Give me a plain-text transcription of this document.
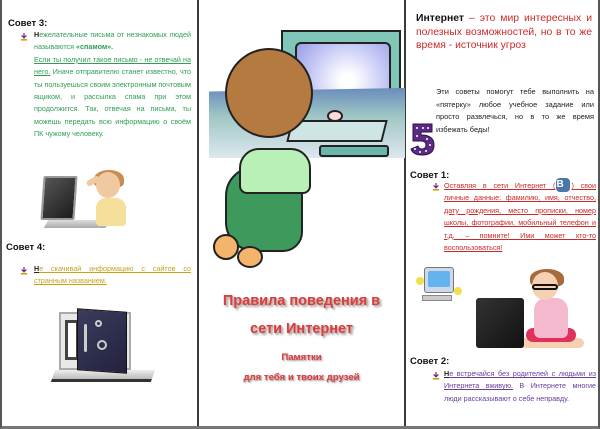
Совет 3:
Нежелательные письма от незнакомых людей называются «спамом».
Если ты получил такое письмо - не отвечай на него. Иначе отправителю станет известно, что ты пользуешься своим электронным почтовым ящиком, и рассылка спама при этом продолжится. Так, отвечая на письма, ты можешь передать всю информацию о своём ПК чужому человеку.
Совет 4:
Не скачивай информацию с сайтов со странным названием.
Правила поведения в
сети Интернет
Памятки
для тебя и твоих друзей
Интернет – это мир интересных и полезных возможностей, но в то же время - источник угроз
Эти советы помогут тебе выполнить на «пятерку» любое учебное задание или просто развлечься, но в то же время избежать беды!
Совет 1:
Оставляя в сети Интернет (B ) свои личные данные: фамилию, имя, отчество, дату рождения, место прописки, номер школы, фотографии, мобильный телефон и т.д. – помните! Ими может кто-то воспользоваться!
Совет 2:
Не встречайся без родителей с людьми из Интернета вживую. В Интернете многие люди рассказывают о себе неправду.
